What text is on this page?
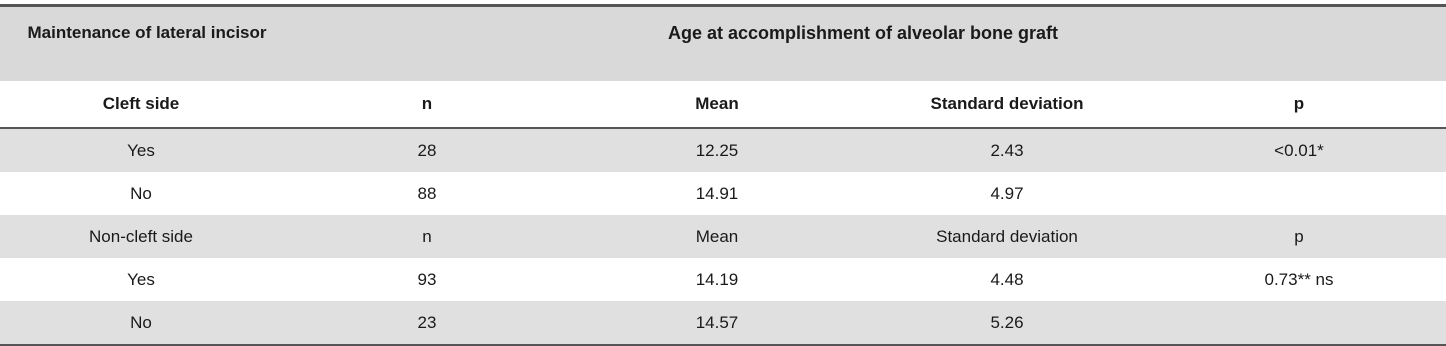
Maintenance of lateral incisor	Age at accomplishment of alveolar bone graft
Cleft side	n	Mean	Standard deviation	p
Yes	28	12.25	2.43	<0.01*
No	88	14.91	4.97
Non-cleft side	n	Mean	Standard deviation	p
Yes	93	14.19	4.48	0.73** ns
No	23	14.57	5.26
